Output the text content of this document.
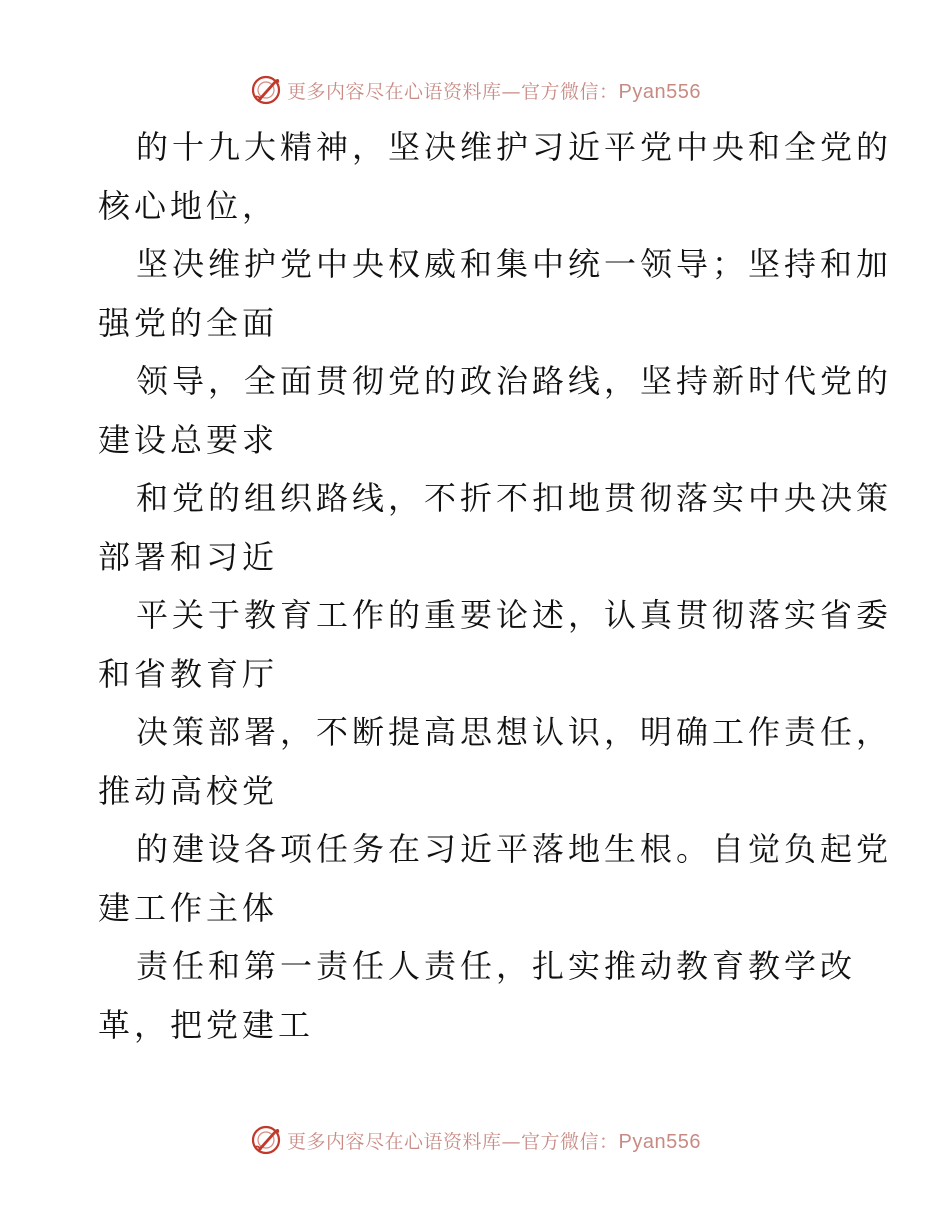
更多内容尽在心语资料库—官方微信：Pyan556
的十九大精神，坚决维护习近平党中央和全党的
核心地位，
坚决维护党中央权威和集中统一领导；坚持和加
强党的全面
领导，全面贯彻党的政治路线，坚持新时代党的
建设总要求
和党的组织路线，不折不扣地贯彻落实中央决策
部署和习近
平关于教育工作的重要论述，认真贯彻落实省委
和省教育厅
决策部署，不断提高思想认识，明确工作责任，
推动高校党
的建设各项任务在习近平落地生根。自觉负起党
建工作主体
责任和第一责任人责任，扎实推动教育教学改
革，把党建工
更多内容尽在心语资料库—官方微信：Pyan556
